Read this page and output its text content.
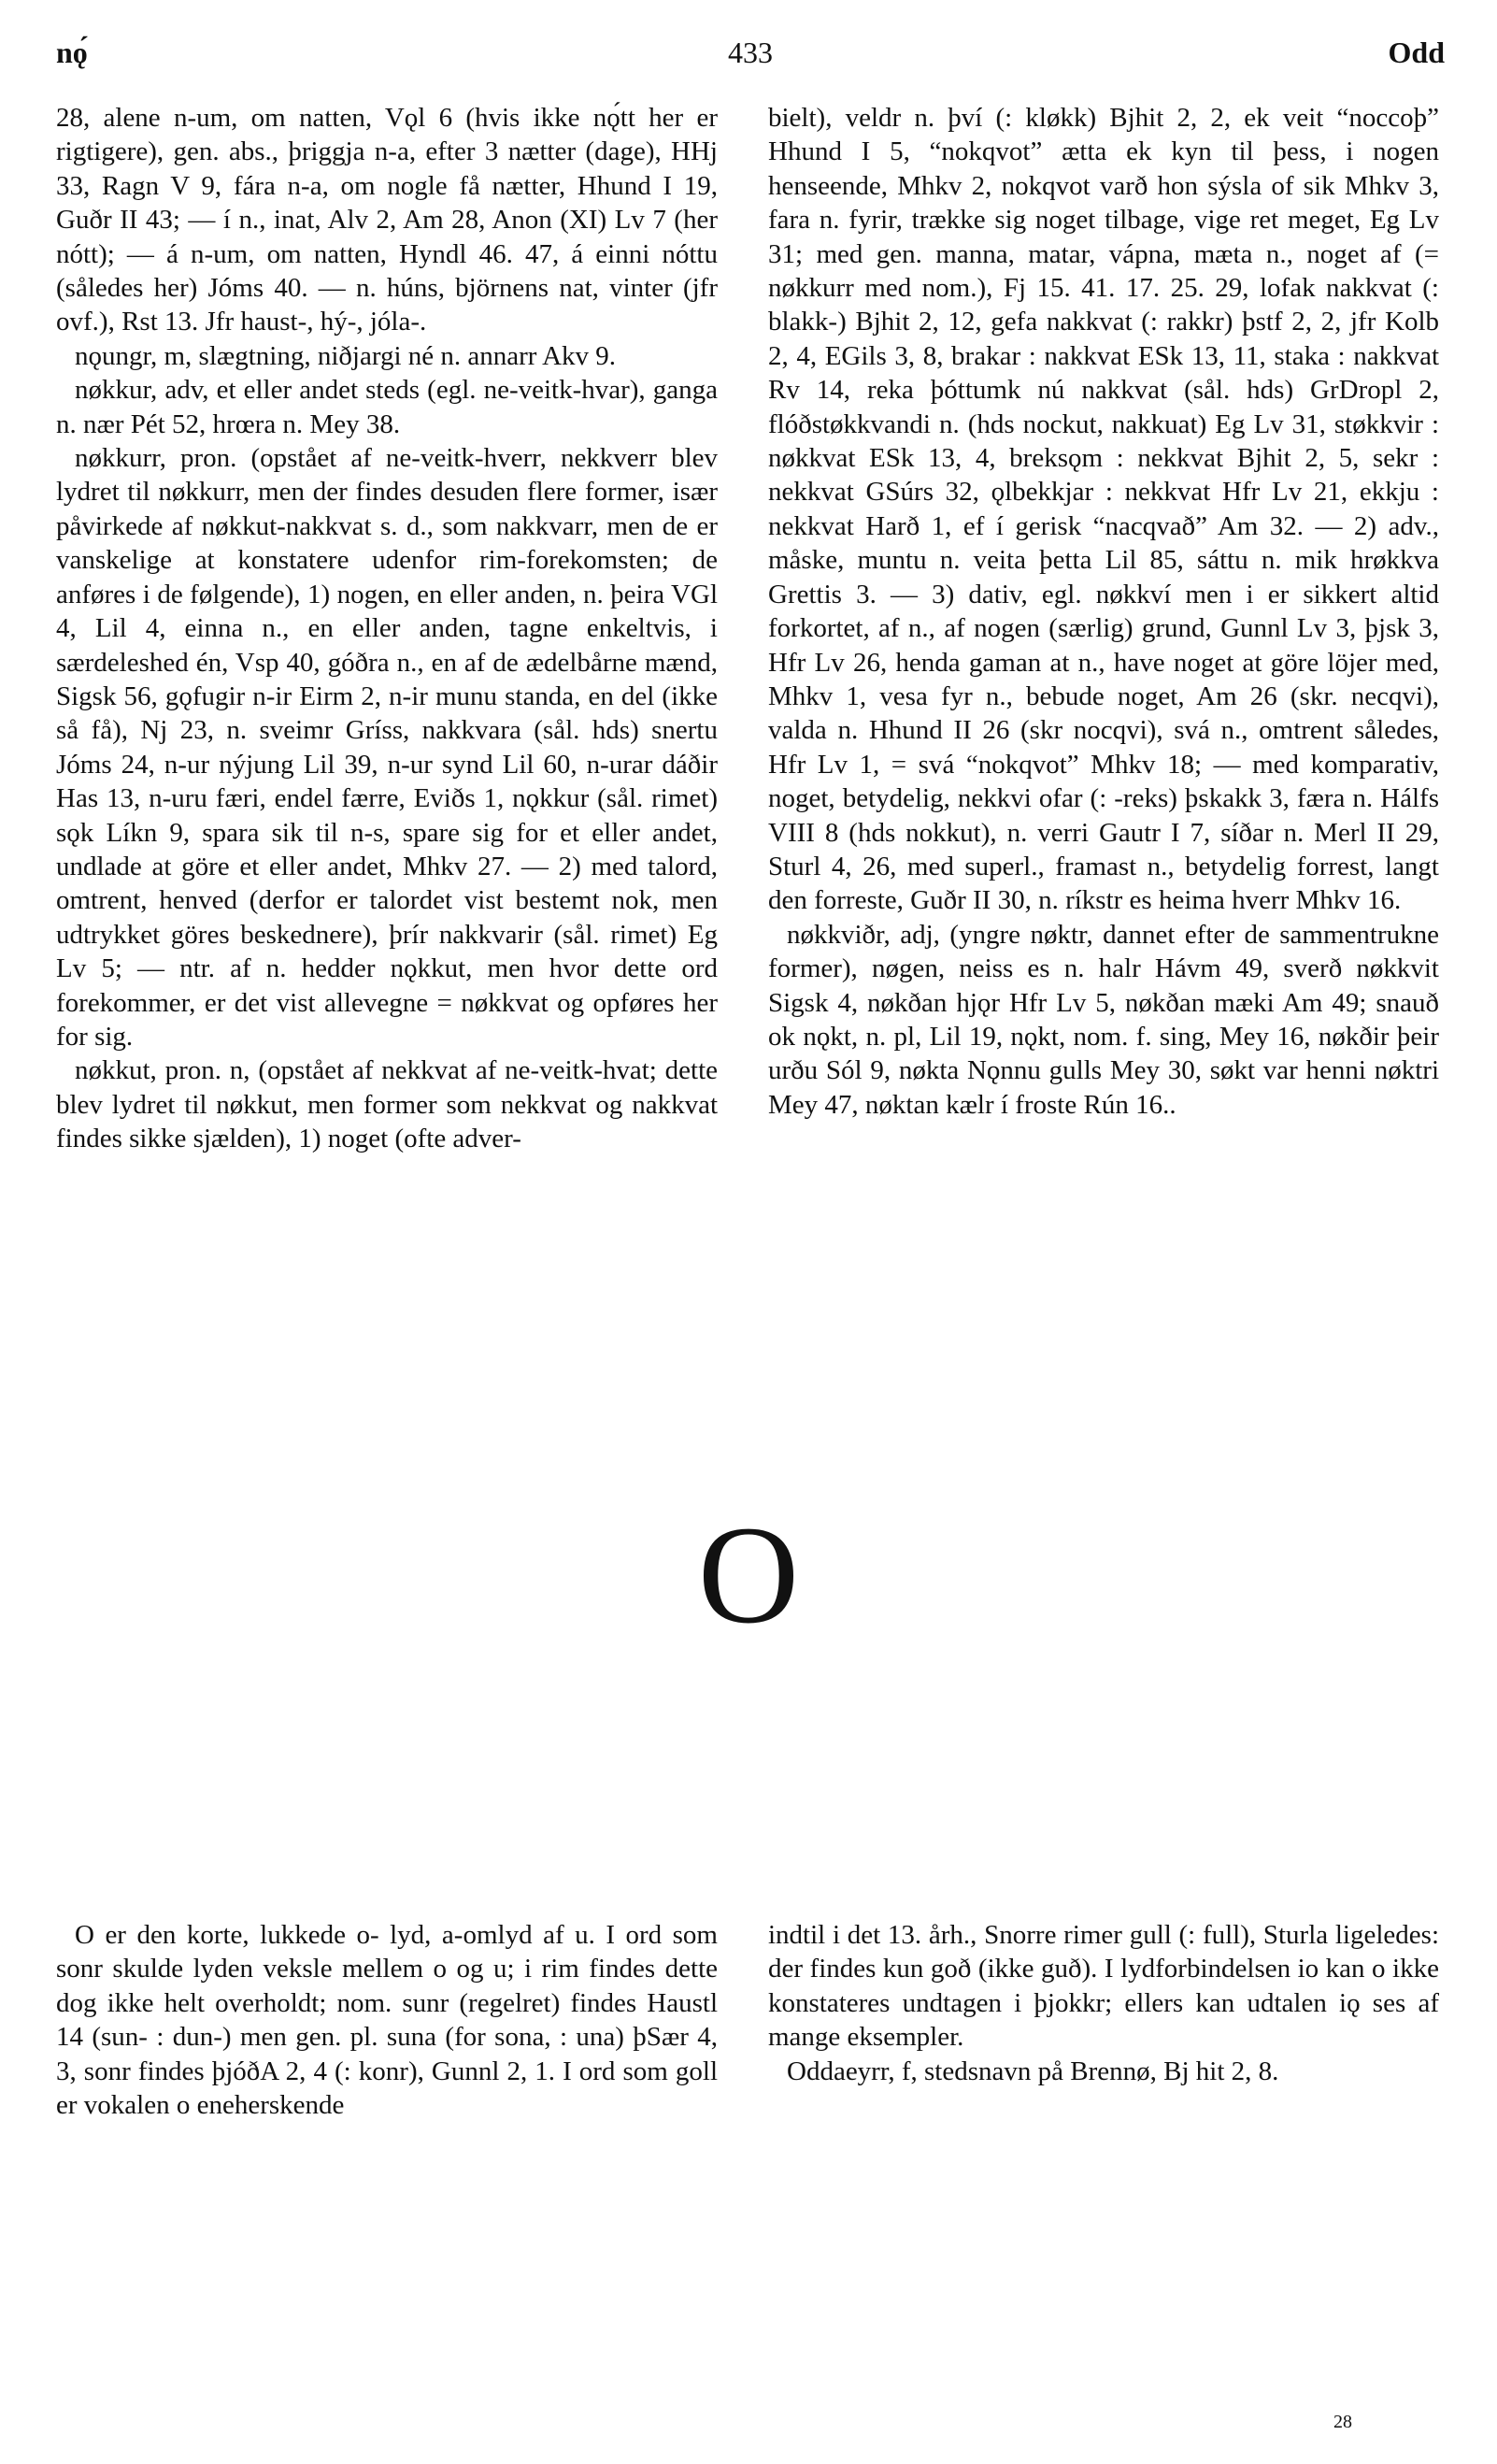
nǫ́	433	Odd

28, alene n-um, om natten, Vǫl 6 (hvis ikke nǫ́tt her er rigtigere), gen. abs., þriggja n-a, efter 3 nætter (dage), HHj 33, Ragn V 9, fára n-a, om nogle få nætter, Hhund I 19, Guðr II 43; — í n., inat, Alv 2, Am 28, Anon (XI) Lv 7 (her nótt); — á n-um, om natten, Hyndl 46. 47, á einni nóttu (således her) Jóms 40. — n. húns, björnens nat, vinter (jfr ovf.), Rst 13. Jfr haust-, hý-, jóla-.

nǫungr, m, slægtning, niðjargi né n. annarr Akv 9.

nøkkur, adv, et eller andet steds (egl. ne-veitk-hvar), ganga n. nær Pét 52, hrœra n. Mey 38.

nøkkurr, pron. (opstået af ne-veitk-hverr, nekkverr blev lydret til nøkkurr, men der findes desuden flere former, især påvirkede af nøkkut-nakkvat s. d., som nakkvarr, men de er vanskelige at konstatere udenfor rim-forekomsten; de anføres i de følgende), 1) nogen, en eller anden, n. þeira VGl 4, Lil 4, einna n., en eller anden, tagne enkeltvis, i særdeleshed én, Vsp 40, góðra n., en af de ædelbårne mænd, Sigsk 56, gǫfugir n-ir Eirm 2, n-ir munu standa, en del (ikke så få), Nj 23, n. sveimr Gríss, nakkvara (sål. hds) snertu Jóms 24, n-ur nýjung Lil 39, n-ur synd Lil 60, n-urar dáðir Has 13, n-uru færi, endel færre, Eviðs 1, nǫkkur (sål. rimet) sǫk Líkn 9, spara sik til n-s, spare sig for et eller andet, undlade at göre et eller andet, Mhkv 27. — 2) med talord, omtrent, henved (derfor er talordet vist bestemt nok, men udtrykket göres beskednere), þrír nakkvarir (sål. rimet) Eg Lv 5; — ntr. af n. hedder nǫkkut, men hvor dette ord forekommer, er det vist allevegne = nøkkvat og opføres her for sig.

nøkkut, pron. n, (opstået af nekkvat af ne-veitk-hvat; dette blev lydret til nøkkut, men former som nekkvat og nakkvat findes sikke sjælden), 1) noget (ofte adver-

bielt), veldr n. því (: kløkk) Bjhit 2, 2, ek veit “noccoþ” Hhund I 5, “nokqvot” ætta ek kyn til þess, i nogen henseende, Mhkv 2, nokqvot varð hon sýsla of sik Mhkv 3, fara n. fyrir, trække sig noget tilbage, vige ret meget, Eg Lv 31; med gen. manna, matar, vápna, mæta n., noget af (= nøkkurr med nom.), Fj 15. 41. 17. 25. 29, lofak nakkvat (: blakk-) Bjhit 2, 12, gefa nakkvat (: rakkr) þstf 2, 2, jfr Kolb 2, 4, EGils 3, 8, brakar : nakkvat ESk 13, 11, staka : nakkvat Rv 14, reka þóttumk nú nakkvat (sål. hds) GrDropl 2, flóðstøkkvandi n. (hds nockut, nakkuat) Eg Lv 31, støkkvir : nøkkvat ESk 13, 4, breksǫm : nekkvat Bjhit 2, 5, sekr : nekkvat GSúrs 32, ǫlbekkjar : nekkvat Hfr Lv 21, ekkju : nekkvat Harð 1, ef í gerisk “nacqvað” Am 32. — 2) adv., måske, muntu n. veita þetta Lil 85, sáttu n. mik hrøkkva Grettis 3. — 3) dativ, egl. nøkkví men i er sikkert altid forkortet, af n., af nogen (særlig) grund, Gunnl Lv 3, þjsk 3, Hfr Lv 26, henda gaman at n., have noget at göre löjer med, Mhkv 1, vesa fyr n., bebude noget, Am 26 (skr. necqvi), valda n. Hhund II 26 (skr nocqvi), svá n., omtrent således, Hfr Lv 1, = svá “nokqvot” Mhkv 18; — med komparativ, noget, betydelig, nekkvi ofar (: -reks) þskakk 3, færa n. Hálfs VIII 8 (hds nokkut), n. verri Gautr I 7, síðar n. Merl II 29, Sturl 4, 26, med superl., framast n., betydelig forrest, langt den forreste, Guðr II 30, n. ríkstr es heima hverr Mhkv 16.

nøkkviðr, adj, (yngre nøktr, dannet efter de sammentrukne former), nøgen, neiss es n. halr Hávm 49, sverð nøkkvit Sigsk 4, nøkðan hjǫr Hfr Lv 5, nøkðan mæki Am 49; snauð ok nǫkt, n. pl, Lil 19, nǫkt, nom. f. sing, Mey 16, nøkðir þeir urðu Sól 9, nøkta Nǫnnu gulls Mey 30, søkt var henni nøktri Mey 47, nøktan kælr í froste Rún 16..

O

O er den korte, lukkede o- lyd, a-omlyd af u. I ord som sonr skulde lyden veksle mellem o og u; i rim findes dette dog ikke helt overholdt; nom. sunr (regelret) findes Haustl 14 (sun- : dun-) men gen. pl. suna (for sona, : una) þSær 4, 3, sonr findes þjóðA 2, 4 (: konr), Gunnl 2, 1. I ord som goll er vokalen o eneherskende

indtil i det 13. årh., Snorre rimer gull (: full), Sturla ligeledes: der findes kun goð (ikke guð). I lydforbindelsen io kan o ikke konstateres undtagen i þjokkr; ellers kan udtalen iǫ ses af mange eksempler.

Oddaeyrr, f, stedsnavn på Brennø, Bj hit 2, 8.

28
